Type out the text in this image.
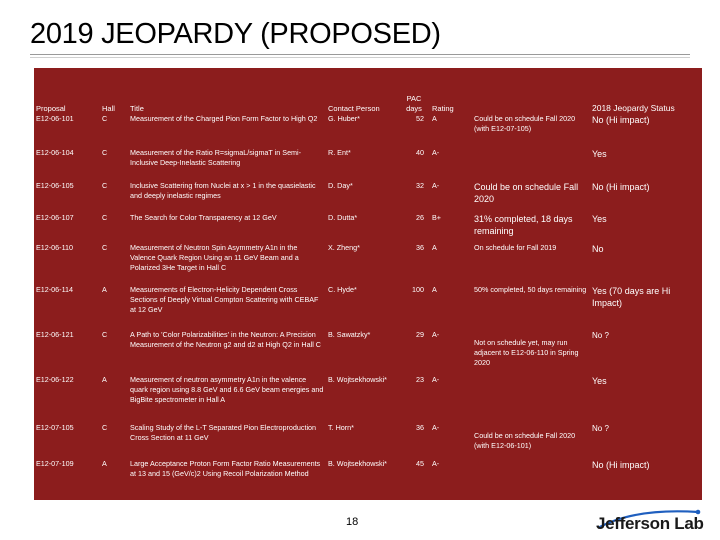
2019 JEOPARDY (PROPOSED)
Proposal	Hall	Title	Contact Person	PAC days	Rating		2018 Jeopardy Status
E12-06-101	C	Measurement of the Charged Pion Form Factor to High Q2	G. Huber*	52	A	Could be on schedule Fall 2020 (with E12-07-105)	No (Hi impact)
E12-06-104	C	Measurement of the Ratio R=sigmaL/sigmaT in Semi-Inclusive Deep-Inelastic Scattering	R. Ent*	40	A-		Yes
E12-06-105	C	Inclusive Scattering from Nuclei at x > 1 in the quasielastic and deeply inelastic regimes	D. Day*	32	A-	Could be on schedule Fall 2020	No (Hi impact)
E12-06-107	C	The Search for Color Transparency at 12 GeV	D. Dutta*	26	B+	31% completed, 18 days remaining	Yes
E12-06-110	C	Measurement of Neutron Spin Asymmetry A1n in the Valence Quark Region Using an 11 GeV Beam and a Polarized 3He Target in Hall C	X. Zheng*	36	A	On schedule for Fall 2019	No
E12-06-114	A	Measurements of Electron-Helicity Dependent Cross Sections of Deeply Virtual Compton Scattering with CEBAF at 12 GeV	C. Hyde*	100	A	50% completed, 50 days remaining	Yes (70 days are Hi Impact)
E12-06-121	C	A Path to 'Color Polarizabilities' in the Neutron: A Precision Measurement of the Neutron g2 and d2 at High Q2 in Hall C	B. Sawatzky*	29	A-	Not on schedule yet, may run adjacent to E12-06-110 in Spring 2020	No ?
E12-06-122	A	Measurement of neutron asymmetry A1n in the valence quark region using 8.8 GeV and 6.6 GeV beam energies and BigBite spectrometer in Hall A	B. Wojtsekhowski*	23	A-		Yes
E12-07-105	C	Scaling Study of the L-T Separated Pion Electroproduction Cross Section at 11 GeV	T. Horn*	36	A-	Could be on schedule Fall 2020 (with E12-06-101)	No ?
E12-07-109	A	Large Acceptance Proton Form Factor Ratio Measurements at 13 and 15 (GeV/c)2 Using Recoil Polarization Method	B. Wojtsekhowski*	45	A-		No (Hi impact)
18	Jefferson Lab
